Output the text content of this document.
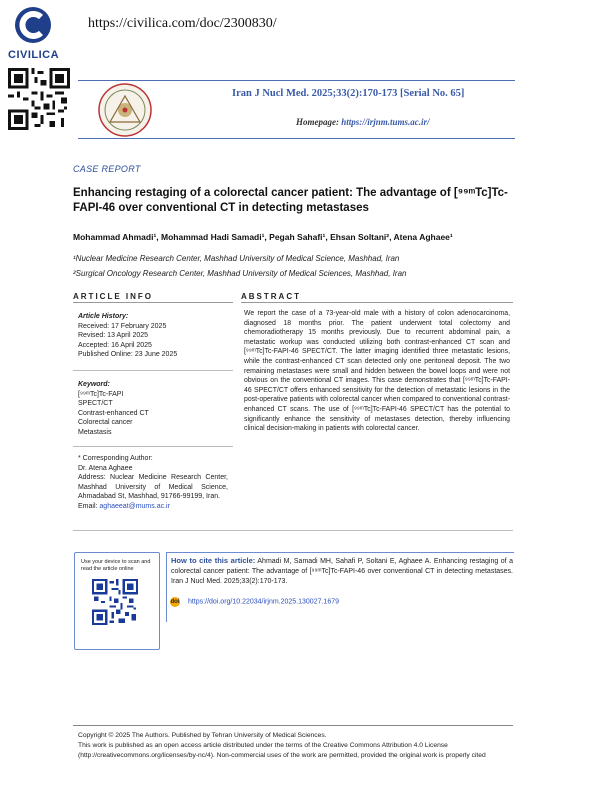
CIVILICA
https://civilica.com/doc/2300830/
Iran J Nucl Med. 2025;33(2):170-173 [Serial No. 65]
Homepage: https://irjnm.tums.ac.ir/
CASE REPORT
Enhancing restaging of a colorectal cancer patient: The advantage of [⁹⁹ᵐTc]Tc-FAPI-46 over conventional CT in detecting metastases
Mohammad Ahmadi¹, Mohammad Hadi Samadi¹, Pegah Sahafi¹, Ehsan Soltani², Atena Aghaee¹
¹Nuclear Medicine Research Center, Mashhad University of Medical Science, Mashhad, Iran
²Surgical Oncology Research Center, Mashhad University of Medical Sciences, Mashhad, Iran
ARTICLE INFO	ABSTRACT
Article History:
Received: 17 February 2025
Revised: 13 April 2025
Accepted: 16 April 2025
Published Online: 23 June 2025
Keyword:
[⁹⁹ᵐTc]Tc-FAPI
SPECT/CT
Contrast-enhanced CT
Colorectal cancer
Metastasis
* Corresponding Author:
Dr. Atena Aghaee
Address: Nuclear Medicine Research Center, Mashhad University of Medical Science, Ahmadabad St, Mashhad, 91766-99199, Iran.
Email: aghaeeat@mums.ac.ir
We report the case of a 73-year-old male with a history of colon adenocarcinoma, diagnosed 18 months prior. The patient underwent total colectomy and chemoradiotherapy 15 months previously. Due to recurrent abdominal pain, a metastatic workup was conducted utilizing both contrast-enhanced CT scan and [⁹⁹ᵐTc]Tc-FAPI-46 SPECT/CT. The latter imaging identified three metastatic lesions, while the contrast-enhanced CT scan detected only one peritoneal deposit. The two remaining metastases were small and hidden between the bowel loops and were not obvious on the conventional CT images. This case demonstrates that [⁹⁹ᵐTc]Tc-FAPI-46 SPECT/CT offers enhanced sensitivity for the detection of metastatic lesions in the post-operative patients with colorectal cancer when compared to conventional contrast-enhanced CT scans. The use of [⁹⁹ᵐTc]Tc-FAPI-46 SPECT/CT has the potential to significantly enhance the sensitivity of metastases detection, thereby influencing clinical decision-making in patients with colorectal cancer.
Use your device to scan and read the article online
How to cite this article: Ahmadi M, Samadi MH, Sahafi P, Soltani E, Aghaee A. Enhancing restaging of a colorectal cancer patient: The advantage of [⁹⁹ᵐTc]Tc-FAPI-46 over conventional CT in detecting metastases. Iran J Nucl Med. 2025;33(2):170-173.
doi https://doi.org/10.22034/irjnm.2025.130027.1679
Copyright © 2025 The Authors. Published by Tehran University of Medical Sciences.
This work is published as an open access article distributed under the terms of the Creative Commons Attribution 4.0 License (http://creativecommons.org/licenses/by-nc/4). Non-commercial uses of the work are permitted, provided the original work is properly cited
